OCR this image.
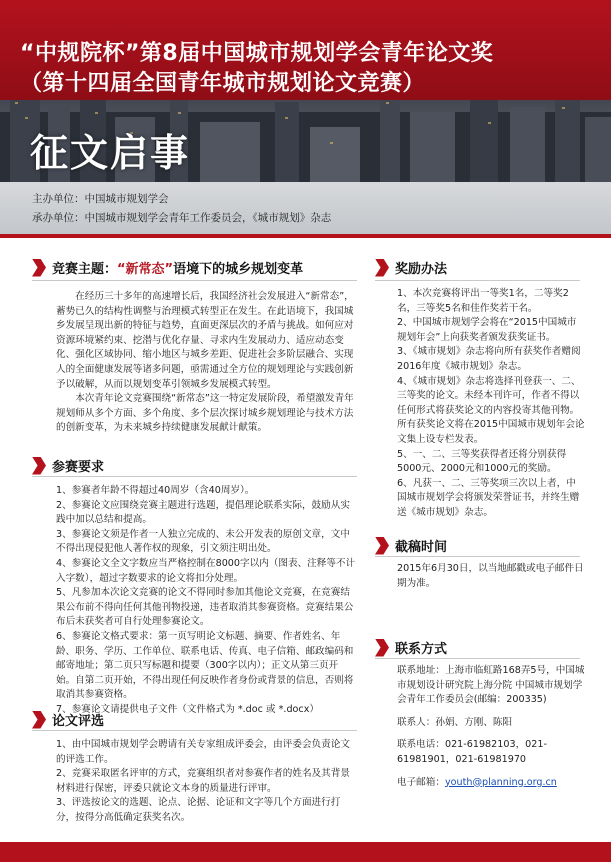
“中规院杯”第8届中国城市规划学会青年论文奖
（第十四届全国青年城市规划论文竞赛）
征文启事
主办单位：中国城市规划学会
承办单位：中国城市规划学会青年工作委员会，《城市规划》杂志
竞赛主题： “新常态” 语境下的城乡规划变革

在经历三十多年的高速增长后，我国经济社会发展进入“新常态”，蓄势已久的结构性调整与治理模式转型正在发生。在此语境下，我国城乡发展呈现出新的特征与趋势，直面更深层次的矛盾与挑战。如何应对资源环境紧约束、挖潜与优化存量、寻求内生发展动力、适应动态变化、强化区域协同、缩小地区与城乡差距、促进社会多阶层融合、实现人的全面健康发展等诸多问题，亟需通过全方位的规划理论与实践创新予以破解，从而以规划变革引领城乡发展模式转型。

本次青年论文竞赛围绕“新常态”这一特定发展阶段，希望激发青年规划师从多个方面、多个角度、多个层次探讨城乡规划理论与技术方法的创新变革，为未来城乡持续健康发展献计献策。

参赛要求

1、参赛者年龄不得超过40周岁（含40周岁）。

2、参赛论文应围绕竞赛主题进行选题，提倡理论联系实际，鼓励从实践中加以总结和提高。

3、参赛论文须是作者一人独立完成的、未公开发表的原创文章，文中不得出现侵犯他人著作权的现象，引文须注明出处。

4、参赛论文全文字数应当严格控制在8000字以内（图表、注释等不计入字数），超过字数要求的论文将扣分处理。

5、凡参加本次论文竞赛的论文不得同时参加其他论文竞赛，在竞赛结果公布前不得向任何其他刊物投递，违者取消其参赛资格。竞赛结果公布后未获奖者可自行处理参赛论文。

6、参赛论文格式要求：第一页写明论文标题、摘要、作者姓名、年龄、职务、学历、工作单位、联系电话、传真、电子信箱、邮政编码和邮寄地址；第二页只写标题和提要（300字以内）；正文从第三页开始。自第二页开始，不得出现任何反映作者身份或背景的信息，否则将取消其参赛资格。

7、参赛论文请提供电子文件（文件格式为 *.doc 或 *.docx）

论文评选

1、由中国城市规划学会聘请有关专家组成评委会，由评委会负责论文的评选工作。

2、竞赛采取匿名评审的方式，竞赛组织者对参赛作者的姓名及其背景材料进行保密，评委只就论文本身的质量进行评审。

3、评选按论文的选题、论点、论据、论证和文字等几个方面进行打分，按得分高低确定获奖名次。

奖励办法

1、本次竞赛将评出一等奖1名，二等奖2名，三等奖5名和佳作奖若干名。

2、中国城市规划学会将在“2015中国城市规划年会”上向获奖者颁发获奖证书。

3、《城市规划》杂志将向所有获奖作者赠阅2016年度《城市规划》杂志。

4、《城市规划》杂志将选择刊登获一、二、三等奖的论文。未经本刊许可，作者不得以任何形式将获奖论文的内容投寄其他刊物。所有获奖论文将在2015中国城市规划年会论文集上设专栏发表。

5、一、二、三等奖获得者还将分别获得5000元、2000元和1000元的奖励。

6、凡获一、二、三等奖项三次以上者，中国城市规划学会将颁发荣誉证书，并终生赠送《城市规划》杂志。

截稿时间
2015年6月30日，以当地邮戳或电子邮件日期为准。
联系方式

联系地址：上海市临虹路168弄5号，中国城市规划设计研究院上海分院 中国城市规划学会青年工作委员会(邮编：200335)

联系人：孙娟、方刚、陈阳

联系电话：021-61982103，021-61981901，021-61981970

电子邮箱：youth@planning.org.cn
